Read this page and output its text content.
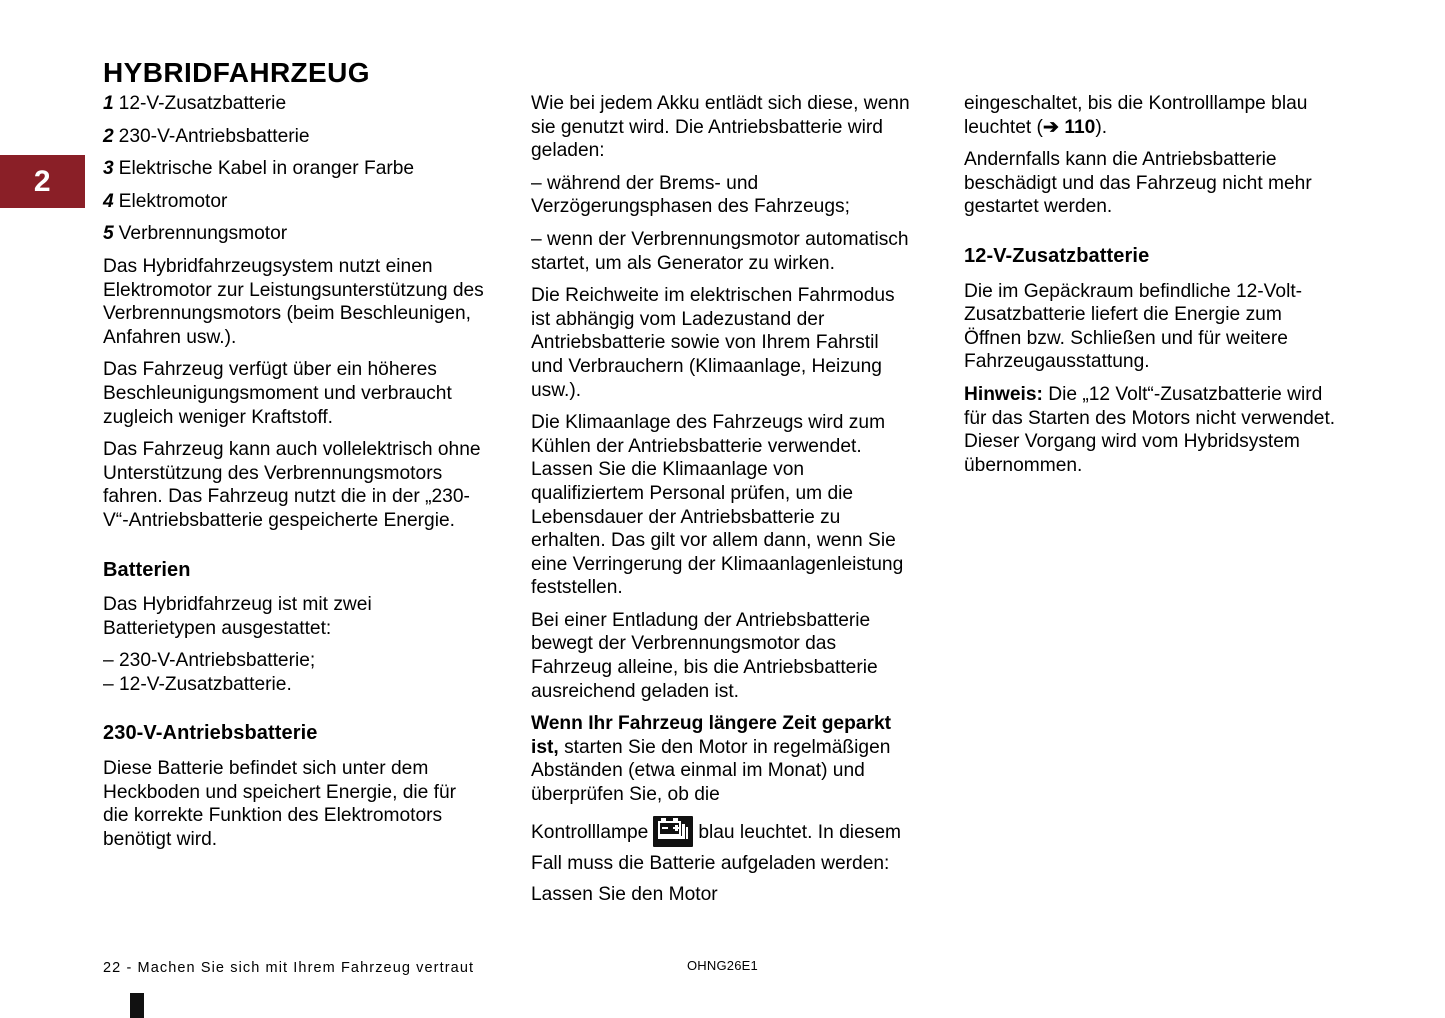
2
HYBRIDFAHRZEUG
1 12-V-Zusatzbatterie
2 230-V-Antriebsbatterie
3 Elektrische Kabel in oranger Farbe
4 Elektromotor
5 Verbrennungsmotor

Das Hybridfahrzeugsystem nutzt einen Elektromotor zur Leistungsunterstützung des Verbrennungsmotors (beim Beschleunigen, Anfahren usw.).

Das Fahrzeug verfügt über ein höheres Beschleunigungsmoment und verbraucht zugleich weniger Kraftstoff.

Das Fahrzeug kann auch vollelektrisch ohne Unterstützung des Verbrennungsmotors fahren. Das Fahrzeug nutzt die in der „230-V“-Antriebsbatterie gespeicherte Energie.

Batterien

Das Hybridfahrzeug ist mit zwei Batterietypen ausgestattet:

– 230-V-Antriebsbatterie;
– 12-V-Zusatzbatterie.
230-V-Antriebsbatterie

Diese Batterie befindet sich unter dem Heckboden und speichert Energie, die für die korrekte Funktion des Elektromotors benötigt wird.

Wie bei jedem Akku entlädt sich diese, wenn sie genutzt wird. Die Antriebsbatterie wird geladen:

– während der Brems- und Verzögerungsphasen des Fahrzeugs;

– wenn der Verbrennungsmotor automatisch startet, um als Generator zu wirken.

Die Reichweite im elektrischen Fahrmodus ist abhängig vom Ladezustand der Antriebsbatterie sowie von Ihrem Fahrstil und Verbrauchern (Klimaanlage, Heizung usw.).

Die Klimaanlage des Fahrzeugs wird zum Kühlen der Antriebsbatterie verwendet. Lassen Sie die Klimaanlage von qualifiziertem Personal prüfen, um die Lebensdauer der Antriebsbatterie zu erhalten. Das gilt vor allem dann, wenn Sie eine Verringerung der Klimaanlagenleistung feststellen.

Bei einer Entladung der Antriebsbatterie bewegt der Verbrennungsmotor das Fahrzeug alleine, bis die Antriebsbatterie ausreichend geladen ist.

Wenn Ihr Fahrzeug längere Zeit geparkt ist, starten Sie den Motor in regelmäßigen Abständen (etwa einmal im Monat) und überprüfen Sie, ob die

Kontrolllampe	blau leuchtet. In diesem Fall muss die Batterie aufgeladen werden: Lassen Sie den Motor

eingeschaltet, bis die Kontrolllampe blau leuchtet (➔ 110).

Andernfalls kann die Antriebsbatterie beschädigt und das Fahrzeug nicht mehr gestartet werden.

12-V-Zusatzbatterie

Die im Gepäckraum befindliche 12-Volt-Zusatzbatterie liefert die Energie zum Öffnen bzw. Schließen und für weitere Fahrzeugausstattung.

Hinweis: Die „12 Volt“-Zusatzbatterie wird für das Starten des Motors nicht verwendet. Dieser Vorgang wird vom Hybridsystem übernommen.

22 - Machen Sie sich mit Ihrem Fahrzeug vertraut	OHNG26E1
